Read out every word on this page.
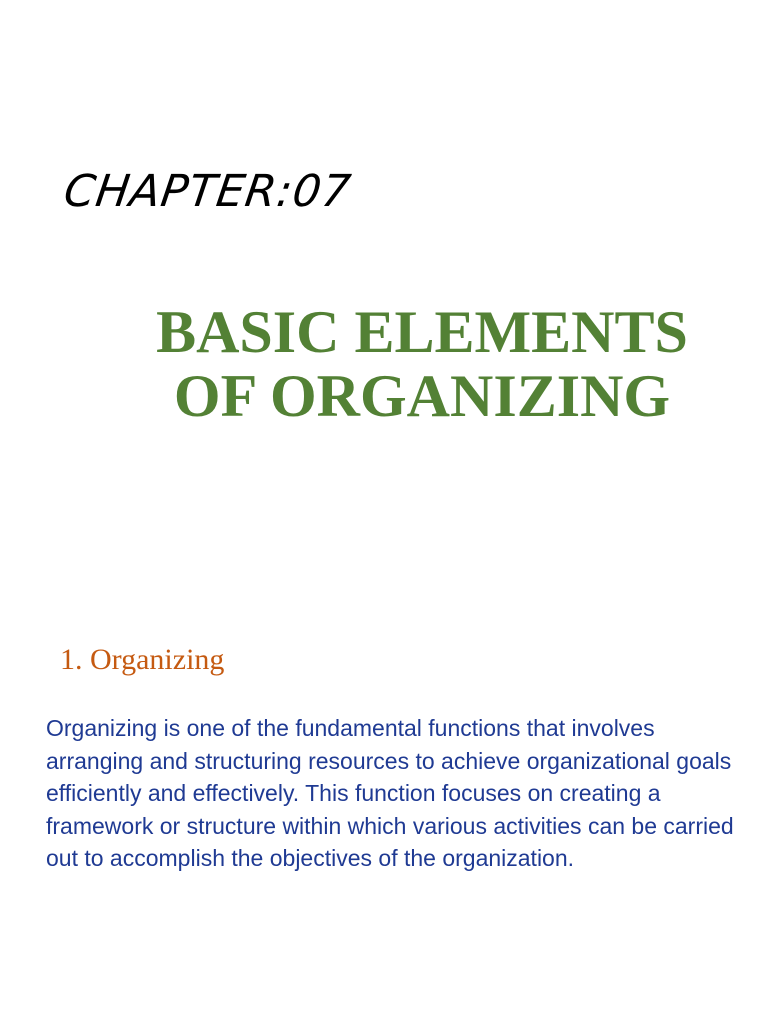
CHAPTER:07
BASIC ELEMENTS
OF ORGANIZING
1. Organizing

Organizing is one of the fundamental functions that involves arranging and structuring resources to achieve organizational goals efficiently and effectively. This function focuses on creating a framework or structure within which various activities can be carried out to accomplish the objectives of the organization.
